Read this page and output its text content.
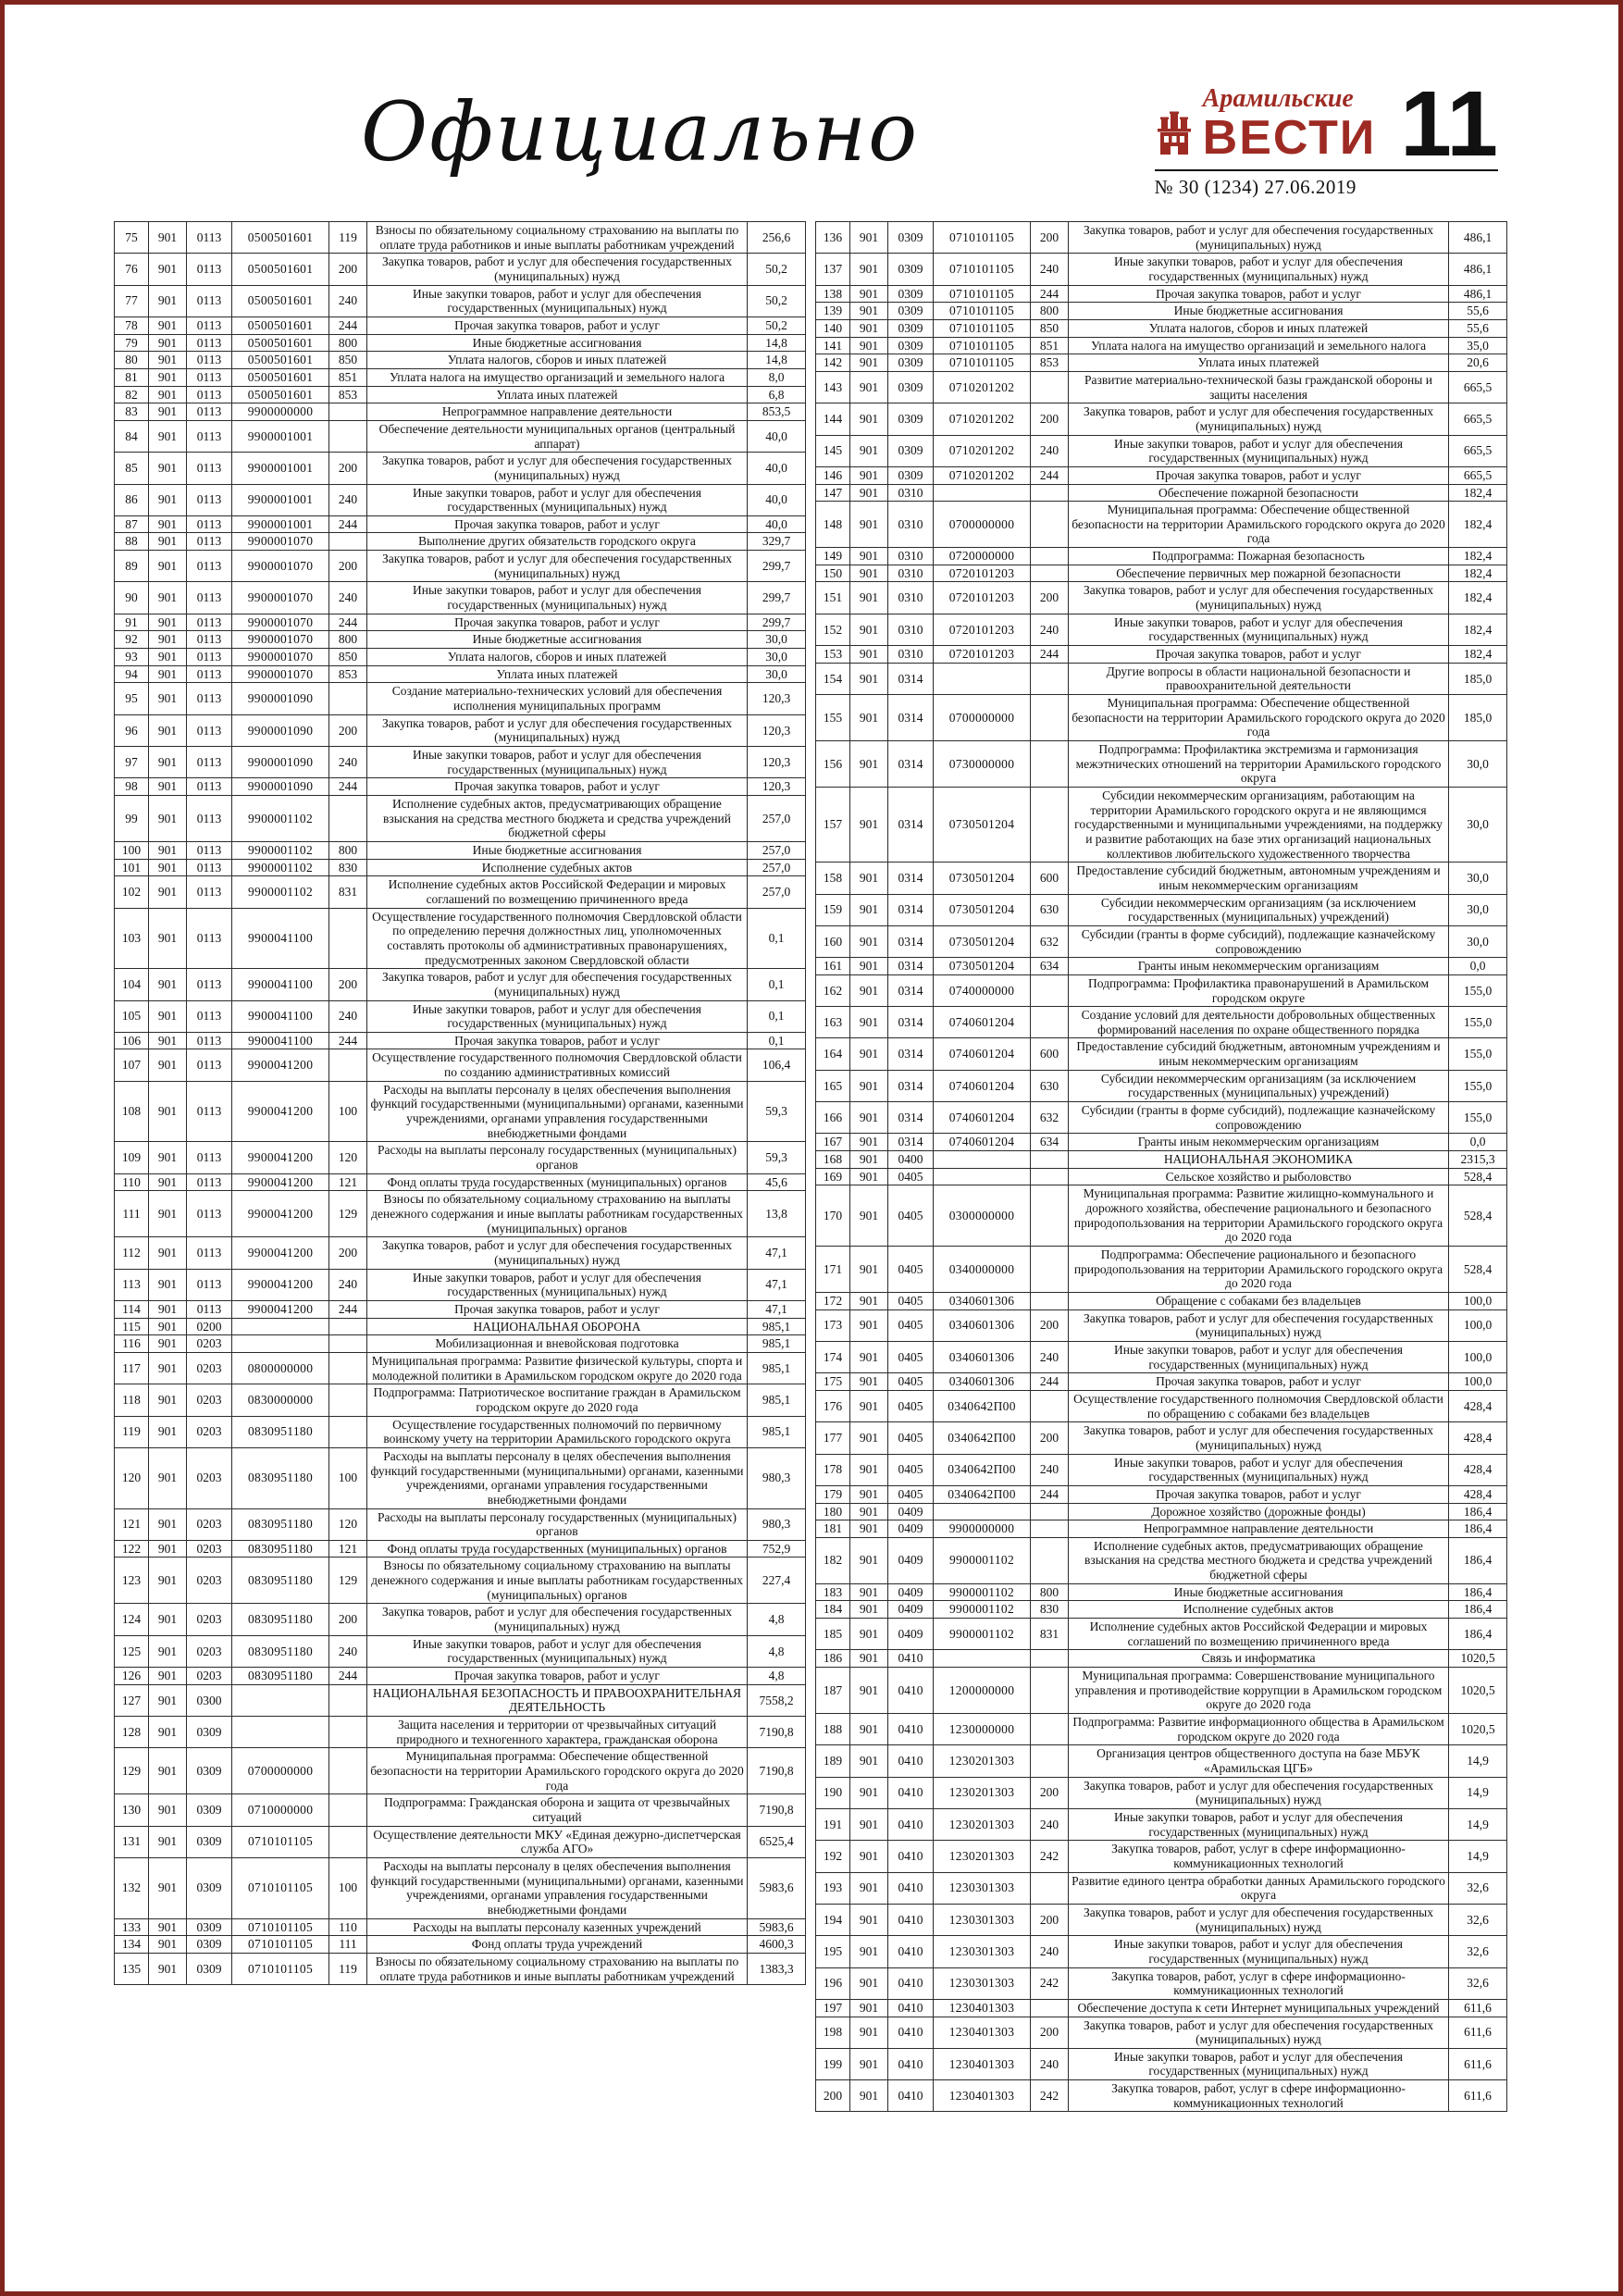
Официально	Арамильские
ВЕСТИ 11
№ 30 (1234) 27.06.2019
75	901	0113	0500501601	119	Взносы по обязательному социальному страхованию на выплаты по оплате труда работников и иные выплаты работникам учреждений	256,6
76	901	0113	0500501601	200	Закупка товаров, работ и услуг для обеспечения государственных (муниципальных) нужд	50,2
77	901	0113	0500501601	240	Иные закупки товаров, работ и услуг для обеспечения государственных (муниципальных) нужд	50,2
78	901	0113	0500501601	244	Прочая закупка товаров, работ и услуг	50,2
79	901	0113	0500501601	800	Иные бюджетные ассигнования	14,8
80	901	0113	0500501601	850	Уплата налогов, сборов и иных платежей	14,8
81	901	0113	0500501601	851	Уплата налога на имущество организаций и земельного налога	8,0
82	901	0113	0500501601	853	Уплата иных платежей	6,8
83	901	0113	9900000000		Непрограммное направление деятельности	853,5
84	901	0113	9900001001		Обеспечение деятельности муниципальных органов (центральный аппарат)	40,0
85	901	0113	9900001001	200	Закупка товаров, работ и услуг для обеспечения государственных (муниципальных) нужд	40,0
86	901	0113	9900001001	240	Иные закупки товаров, работ и услуг для обеспечения государственных (муниципальных) нужд	40,0
87	901	0113	9900001001	244	Прочая закупка товаров, работ и услуг	40,0
88	901	0113	9900001070		Выполнение других обязательств городского округа	329,7
89	901	0113	9900001070	200	Закупка товаров, работ и услуг для обеспечения государственных (муниципальных) нужд	299,7
90	901	0113	9900001070	240	Иные закупки товаров, работ и услуг для обеспечения государственных (муниципальных) нужд	299,7
91	901	0113	9900001070	244	Прочая закупка товаров, работ и услуг	299,7
92	901	0113	9900001070	800	Иные бюджетные ассигнования	30,0
93	901	0113	9900001070	850	Уплата налогов, сборов и иных платежей	30,0
94	901	0113	9900001070	853	Уплата иных платежей	30,0
95	901	0113	9900001090		Создание материально-технических условий для обеспечения исполнения муниципальных программ	120,3
96	901	0113	9900001090	200	Закупка товаров, работ и услуг для обеспечения государственных (муниципальных) нужд	120,3
97	901	0113	9900001090	240	Иные закупки товаров, работ и услуг для обеспечения государственных (муниципальных) нужд	120,3
98	901	0113	9900001090	244	Прочая закупка товаров, работ и услуг	120,3
99	901	0113	9900001102		Исполнение судебных актов, предусматривающих обращение взыскания на средства местного бюджета и средства учреждений бюджетной сферы	257,0
100	901	0113	9900001102	800	Иные бюджетные ассигнования	257,0
101	901	0113	9900001102	830	Исполнение судебных актов	257,0
102	901	0113	9900001102	831	Исполнение судебных актов Российской Федерации и мировых соглашений по возмещению причиненного вреда	257,0
103	901	0113	9900041100		Осуществление государственного полномочия Свердловской области по определению перечня должностных лиц, уполномоченных составлять протоколы об административных правонарушениях, предусмотренных законом Свердловской области	0,1
104	901	0113	9900041100	200	Закупка товаров, работ и услуг для обеспечения государственных (муниципальных) нужд	0,1
105	901	0113	9900041100	240	Иные закупки товаров, работ и услуг для обеспечения государственных (муниципальных) нужд	0,1
106	901	0113	9900041100	244	Прочая закупка товаров, работ и услуг	0,1
107	901	0113	9900041200		Осуществление государственного полномочия Свердловской области по созданию административных комиссий	106,4
108	901	0113	9900041200	100	Расходы на выплаты персоналу в целях обеспечения выполнения функций государственными (муниципальными) органами, казенными учреждениями, органами управления государственными внебюджетными фондами	59,3
109	901	0113	9900041200	120	Расходы на выплаты персоналу государственных (муниципальных) органов	59,3
110	901	0113	9900041200	121	Фонд оплаты труда государственных (муниципальных) органов	45,6
111	901	0113	9900041200	129	Взносы по обязательному социальному страхованию на выплаты денежного содержания и иные выплаты работникам государственных (муниципальных) органов	13,8
112	901	0113	9900041200	200	Закупка товаров, работ и услуг для обеспечения государственных (муниципальных) нужд	47,1
113	901	0113	9900041200	240	Иные закупки товаров, работ и услуг для обеспечения государственных (муниципальных) нужд	47,1
114	901	0113	9900041200	244	Прочая закупка товаров, работ и услуг	47,1
115	901	0200			НАЦИОНАЛЬНАЯ ОБОРОНА	985,1
116	901	0203			Мобилизационная и вневойсковая подготовка	985,1
117	901	0203	0800000000		Муниципальная программа: Развитие физической культуры, спорта и молодежной политики в Арамильском городском округе до 2020 года	985,1
118	901	0203	0830000000		Подпрограмма: Патриотическое воспитание граждан в Арамильском городском округе до 2020 года	985,1
119	901	0203	0830951180		Осуществление государственных полномочий по первичному воинскому учету на территории Арамильского городского округа	985,1
120	901	0203	0830951180	100	Расходы на выплаты персоналу в целях обеспечения выполнения функций государственными (муниципальными) органами, казенными учреждениями, органами управления государственными внебюджетными фондами	980,3
121	901	0203	0830951180	120	Расходы на выплаты персоналу государственных (муниципальных) органов	980,3
122	901	0203	0830951180	121	Фонд оплаты труда государственных (муниципальных) органов	752,9
123	901	0203	0830951180	129	Взносы по обязательному социальному страхованию на выплаты денежного содержания и иные выплаты работникам государственных (муниципальных) органов	227,4
124	901	0203	0830951180	200	Закупка товаров, работ и услуг для обеспечения государственных (муниципальных) нужд	4,8
125	901	0203	0830951180	240	Иные закупки товаров, работ и услуг для обеспечения государственных (муниципальных) нужд	4,8
126	901	0203	0830951180	244	Прочая закупка товаров, работ и услуг	4,8
127	901	0300			НАЦИОНАЛЬНАЯ БЕЗОПАСНОСТЬ И ПРАВООХРАНИТЕЛЬНАЯ ДЕЯТЕЛЬНОСТЬ	7558,2
128	901	0309			Защита населения и территории от чрезвычайных ситуаций природного и техногенного характера, гражданская оборона	7190,8
129	901	0309	0700000000		Муниципальная программа: Обеспечение общественной безопасности на территории Арамильского городского округа до 2020 года	7190,8
130	901	0309	0710000000		Подпрограмма: Гражданская оборона и защита от чрезвычайных ситуаций	7190,8
131	901	0309	0710101105		Осуществление деятельности МКУ «Единая дежурно-диспетчерская служба АГО»	6525,4
132	901	0309	0710101105	100	Расходы на выплаты персоналу в целях обеспечения выполнения функций государственными (муниципальными) органами, казенными учреждениями, органами управления государственными внебюджетными фондами	5983,6
133	901	0309	0710101105	110	Расходы на выплаты персоналу казенных учреждений	5983,6
134	901	0309	0710101105	111	Фонд оплаты труда учреждений	4600,3
135	901	0309	0710101105	119	Взносы по обязательному социальному страхованию на выплаты по оплате труда работников и иные выплаты работникам учреждений	1383,3
136	901	0309	0710101105	200	Закупка товаров, работ и услуг для обеспечения государственных (муниципальных) нужд	486,1
137	901	0309	0710101105	240	Иные закупки товаров, работ и услуг для обеспечения государственных (муниципальных) нужд	486,1
138	901	0309	0710101105	244	Прочая закупка товаров, работ и услуг	486,1
139	901	0309	0710101105	800	Иные бюджетные ассигнования	55,6
140	901	0309	0710101105	850	Уплата налогов, сборов и иных платежей	55,6
141	901	0309	0710101105	851	Уплата налога на имущество организаций и земельного налога	35,0
142	901	0309	0710101105	853	Уплата иных платежей	20,6
143	901	0309	0710201202		Развитие материально-технической базы гражданской обороны и защиты населения	665,5
144	901	0309	0710201202	200	Закупка товаров, работ и услуг для обеспечения государственных (муниципальных) нужд	665,5
145	901	0309	0710201202	240	Иные закупки товаров, работ и услуг для обеспечения государственных (муниципальных) нужд	665,5
146	901	0309	0710201202	244	Прочая закупка товаров, работ и услуг	665,5
147	901	0310			Обеспечение пожарной безопасности	182,4
148	901	0310	0700000000		Муниципальная программа: Обеспечение общественной безопасности на территории Арамильского городского округа до 2020 года	182,4
149	901	0310	0720000000		Подпрограмма: Пожарная безопасность	182,4
150	901	0310	0720101203		Обеспечение первичных мер пожарной безопасности	182,4
151	901	0310	0720101203	200	Закупка товаров, работ и услуг для обеспечения государственных (муниципальных) нужд	182,4
152	901	0310	0720101203	240	Иные закупки товаров, работ и услуг для обеспечения государственных (муниципальных) нужд	182,4
153	901	0310	0720101203	244	Прочая закупка товаров, работ и услуг	182,4
154	901	0314			Другие вопросы в области национальной безопасности и правоохранительной деятельности	185,0
155	901	0314	0700000000		Муниципальная программа: Обеспечение общественной безопасности на территории Арамильского городского округа до 2020 года	185,0
156	901	0314	0730000000		Подпрограмма: Профилактика экстремизма и гармонизация межэтнических отношений на территории Арамильского городского округа	30,0
157	901	0314	0730501204		Субсидии некоммерческим организациям, работающим на территории Арамильского городского округа и не являющимся государственными и муниципальными учреждениями, на поддержку и развитие работающих на базе этих организаций национальных коллективов любительского художественного творчества	30,0
158	901	0314	0730501204	600	Предоставление субсидий бюджетным, автономным учреждениям и иным некоммерческим организациям	30,0
159	901	0314	0730501204	630	Субсидии некоммерческим организациям (за исключением государственных (муниципальных) учреждений)	30,0
160	901	0314	0730501204	632	Субсидии (гранты в форме субсидий), подлежащие казначейскому сопровождению	30,0
161	901	0314	0730501204	634	Гранты иным некоммерческим организациям	0,0
162	901	0314	0740000000		Подпрограмма: Профилактика правонарушений в Арамильском городском округе	155,0
163	901	0314	0740601204		Создание условий для деятельности добровольных общественных формирований населения по охране общественного порядка	155,0
164	901	0314	0740601204	600	Предоставление субсидий бюджетным, автономным учреждениям и иным некоммерческим организациям	155,0
165	901	0314	0740601204	630	Субсидии некоммерческим организациям (за исключением государственных (муниципальных) учреждений)	155,0
166	901	0314	0740601204	632	Субсидии (гранты в форме субсидий), подлежащие казначейскому сопровождению	155,0
167	901	0314	0740601204	634	Гранты иным некоммерческим организациям	0,0
168	901	0400			НАЦИОНАЛЬНАЯ ЭКОНОМИКА	2315,3
169	901	0405			Сельское хозяйство и рыболовство	528,4
170	901	0405	0300000000		Муниципальная программа: Развитие жилищно-коммунального и дорожного хозяйства, обеспечение рационального и безопасного природопользования на территории Арамильского городского округа до 2020 года	528,4
171	901	0405	0340000000		Подпрограмма: Обеспечение рационального и безопасного природопользования на территории Арамильского городского округа до 2020 года	528,4
172	901	0405	0340601306		Обращение с собаками без владельцев	100,0
173	901	0405	0340601306	200	Закупка товаров, работ и услуг для обеспечения государственных (муниципальных) нужд	100,0
174	901	0405	0340601306	240	Иные закупки товаров, работ и услуг для обеспечения государственных (муниципальных) нужд	100,0
175	901	0405	0340601306	244	Прочая закупка товаров, работ и услуг	100,0
176	901	0405	0340642П00		Осуществление государственного полномочия Свердловской области по обращению с собаками без владельцев	428,4
177	901	0405	0340642П00	200	Закупка товаров, работ и услуг для обеспечения государственных (муниципальных) нужд	428,4
178	901	0405	0340642П00	240	Иные закупки товаров, работ и услуг для обеспечения государственных (муниципальных) нужд	428,4
179	901	0405	0340642П00	244	Прочая закупка товаров, работ и услуг	428,4
180	901	0409			Дорожное хозяйство (дорожные фонды)	186,4
181	901	0409	9900000000		Непрограммное направление деятельности	186,4
182	901	0409	9900001102		Исполнение судебных актов, предусматривающих обращение взыскания на средства местного бюджета и средства учреждений бюджетной сферы	186,4
183	901	0409	9900001102	800	Иные бюджетные ассигнования	186,4
184	901	0409	9900001102	830	Исполнение судебных актов	186,4
185	901	0409	9900001102	831	Исполнение судебных актов Российской Федерации и мировых соглашений по возмещению причиненного вреда	186,4
186	901	0410			Связь и информатика	1020,5
187	901	0410	1200000000		Муниципальная программа: Совершенствование муниципального управления и противодействие коррупции в Арамильском городском округе до 2020 года	1020,5
188	901	0410	1230000000		Подпрограмма: Развитие информационного общества в Арамильском городском округе до 2020 года	1020,5
189	901	0410	1230201303		Организация центров общественного доступа на базе МБУК «Арамильская ЦГБ»	14,9
190	901	0410	1230201303	200	Закупка товаров, работ и услуг для обеспечения государственных (муниципальных) нужд	14,9
191	901	0410	1230201303	240	Иные закупки товаров, работ и услуг для обеспечения государственных (муниципальных) нужд	14,9
192	901	0410	1230201303	242	Закупка товаров, работ, услуг в сфере информационно-коммуникационных технологий	14,9
193	901	0410	1230301303		Развитие единого центра обработки данных Арамильского городского округа	32,6
194	901	0410	1230301303	200	Закупка товаров, работ и услуг для обеспечения государственных (муниципальных) нужд	32,6
195	901	0410	1230301303	240	Иные закупки товаров, работ и услуг для обеспечения государственных (муниципальных) нужд	32,6
196	901	0410	1230301303	242	Закупка товаров, работ, услуг в сфере информационно-коммуникационных технологий	32,6
197	901	0410	1230401303		Обеспечение доступа к сети Интернет муниципальных учреждений	611,6
198	901	0410	1230401303	200	Закупка товаров, работ и услуг для обеспечения государственных (муниципальных) нужд	611,6
199	901	0410	1230401303	240	Иные закупки товаров, работ и услуг для обеспечения государственных (муниципальных) нужд	611,6
200	901	0410	1230401303	242	Закупка товаров, работ, услуг в сфере информационно-коммуникационных технологий	611,6
